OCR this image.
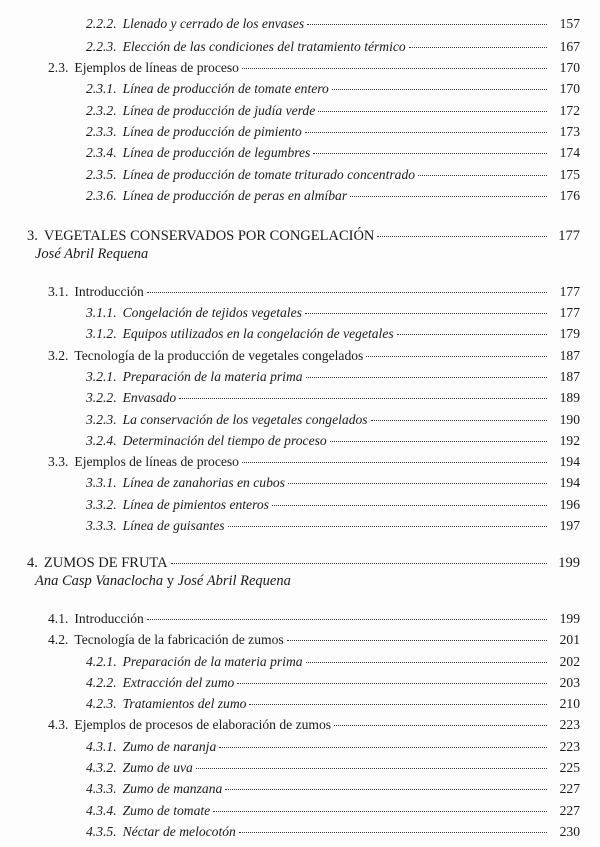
2.2.2. Llenado y cerrado de los envases	157
2.2.3. Elección de las condiciones del tratamiento térmico	167
2.3. Ejemplos de líneas de proceso	170
2.3.1. Línea de producción de tomate entero	170
2.3.2. Línea de producción de judía verde	172
2.3.3. Línea de producción de pimiento	173
2.3.4. Línea de producción de legumbres	174
2.3.5. Línea de producción de tomate triturado concentrado	175
2.3.6. Línea de producción de peras en almíbar	176
3. VEGETALES CONSERVADOS POR CONGELACIÓN	177
José Abril Requena
3.1. Introducción	177
3.1.1. Congelación de tejidos vegetales	177
3.1.2. Equipos utilizados en la congelación de vegetales	179
3.2. Tecnología de la producción de vegetales congelados	187
3.2.1. Preparación de la materia prima	187
3.2.2. Envasado	189
3.2.3. La conservación de los vegetales congelados	190
3.2.4. Determinación del tiempo de proceso	192
3.3. Ejemplos de líneas de proceso	194
3.3.1. Línea de zanahorias en cubos	194
3.3.2. Línea de pimientos enteros	196
3.3.3. Línea de guisantes	197
4. ZUMOS DE FRUTA	199
Ana Casp Vanaclocha y José Abril Requena
4.1. Introducción	199
4.2. Tecnología de la fabricación de zumos	201
4.2.1. Preparación de la materia prima	202
4.2.2. Extracción del zumo	203
4.2.3. Tratamientos del zumo	210
4.3. Ejemplos de procesos de elaboración de zumos	223
4.3.1. Zumo de naranja	223
4.3.2. Zumo de uva	225
4.3.3. Zumo de manzana	227
4.3.4. Zumo de tomate	227
4.3.5. Néctar de melocotón	230
